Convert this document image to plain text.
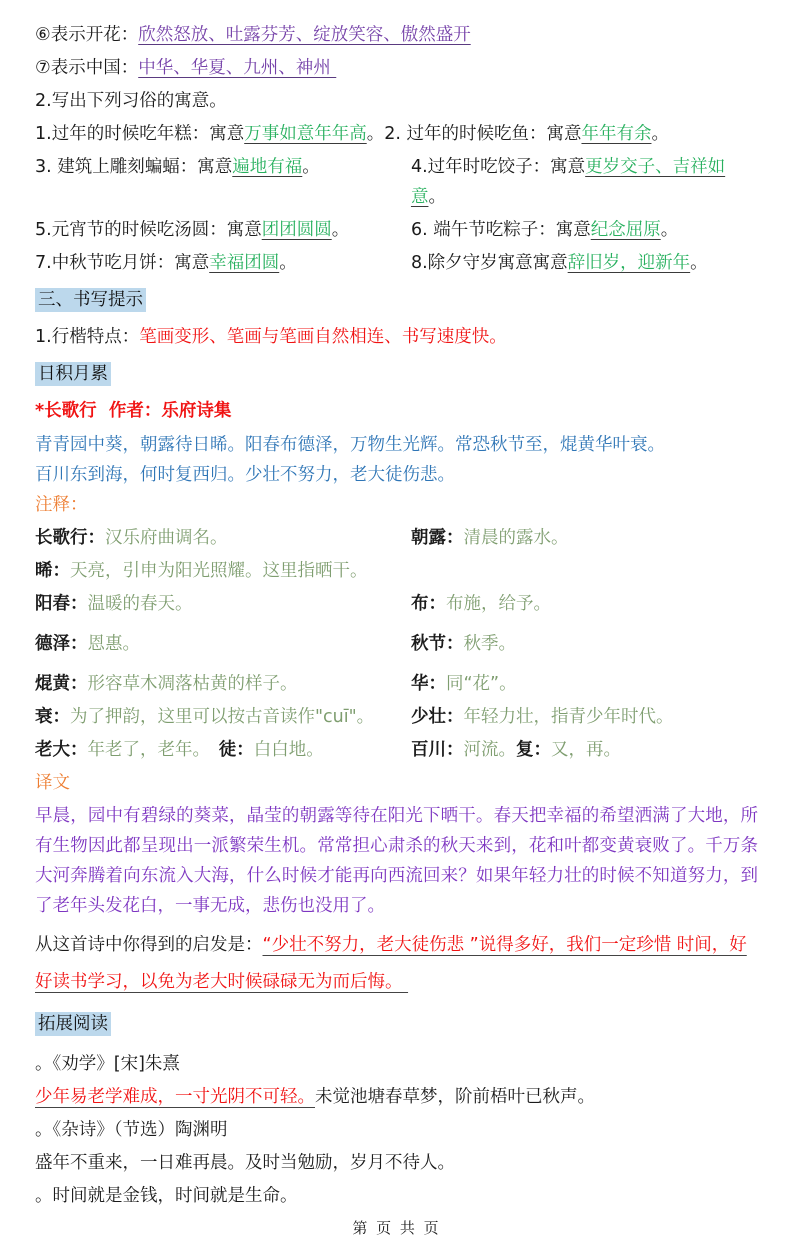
⑥表示开花：欣然怒放、吐露芬芳、绽放笑容、傲然盛开
⑦表示中国：中华、华夏、九州、神州
2.写出下列习俗的寓意。
1.过年的时候吃年糕：寓意万事如意年年高。2. 过年的时候吃鱼：寓意年年有余。
3. 建筑上雕刻蝙蝠：寓意遍地有福。	4.过年时吃饺子：寓意更岁交子、吉祥如意。
5.元宵节的时候吃汤圆：寓意团团圆圆。	6. 端午节吃粽子：寓意纪念屈原。
7.中秋节吃月饼：寓意幸福团圆。	8.除夕守岁寓意寓意辞旧岁，迎新年。
三、书写提示
1.行楷特点：笔画变形、笔画与笔画自然相连、书写速度快。
日积月累
*长歌行  作者：乐府诗集
青青园中葵，朝露待日晞。阳春布德泽，万物生光辉。常恐秋节至，焜黄华叶衰。
百川东到海，何时复西归。少壮不努力，老大徒伤悲。
注释：
长歌行：汉乐府曲调名。	朝露：清晨的露水。
晞：天亮，引申为阳光照耀。这里指晒干。
阳春：温暖的春天。	布：布施，给予。
德泽：恩惠。	秋节：秋季。
焜黄：形容草木凋落枯黄的样子。	华：同“花”。
衰：为了押韵，这里可以按古音读作"cuī"。	少壮：年轻力壮，指青少年时代。
老大：年老了，老年。　 徒：白白地。	百川：河流。复：又，再。
译文
早晨，园中有碧绿的葵菜，晶莹的朝露等待在阳光下晒干。春天把幸福的希望洒满了大地，所有生物因此都呈现出一派繁荣生机。常常担心肃杀的秋天来到，花和叶都变黄衰败了。千万条大河奔腾着向东流入大海，什么时候才能再向西流回来？如果年轻力壮的时候不知道努力，到了老年头发花白，一事无成，悲伤也没用了。
从这首诗中你得到的启发是：“少壮不努力，老大徒伤悲 ”说得多好，我们一定珍惜 时间，好好读书学习，以免为老大时候碌碌无为而后悔。
拓展阅读
。《劝学》[宋]朱熹
少年易老学难成，一寸光阴不可轻。未觉池塘春草梦，阶前梧叶已秋声。
。《杂诗》（节选）陶渊明
盛年不重来，一日难再晨。及时当勉励，岁月不待人。
。时间就是金钱，时间就是生命。
第 页 共 页
